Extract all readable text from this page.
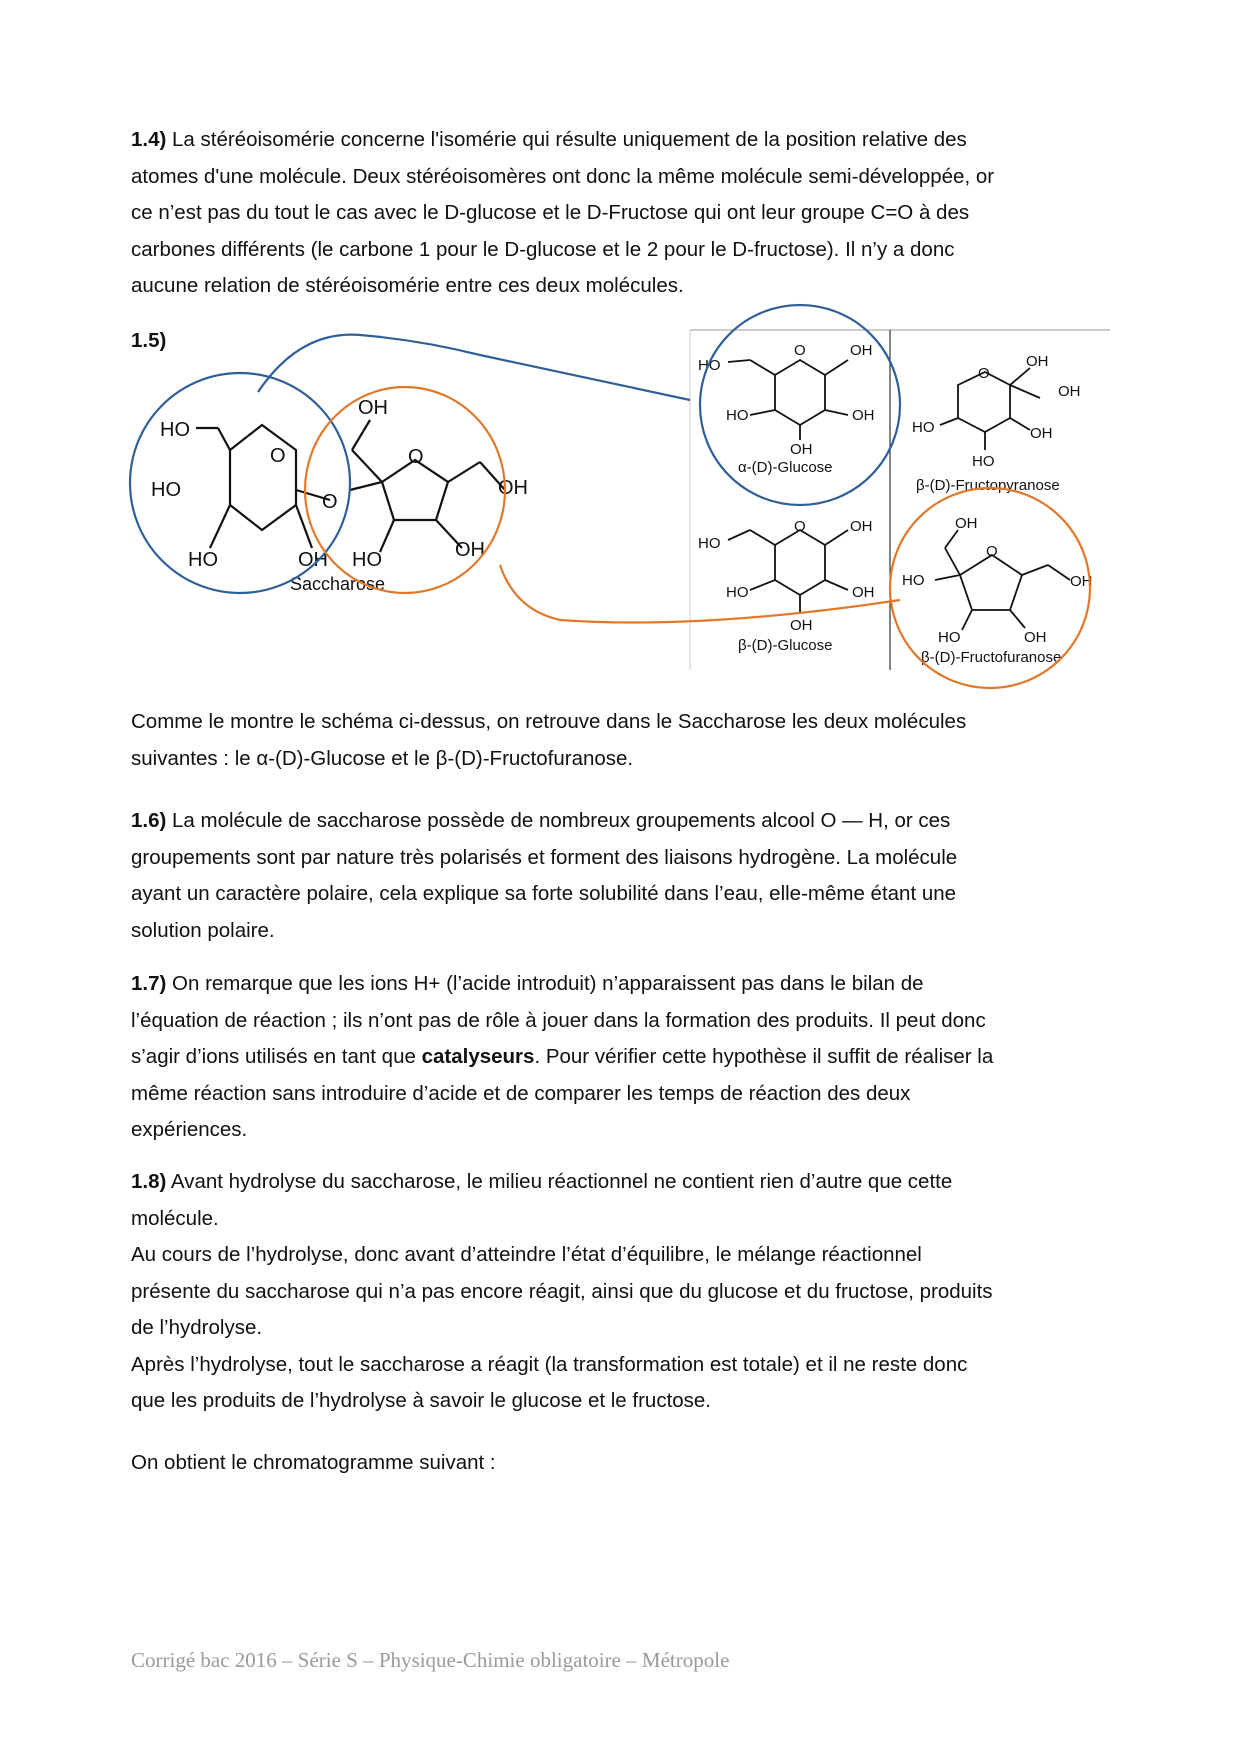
1.4) La stéréoisomérie concerne l'isomérie qui résulte uniquement de la position relative des
atomes d'une molécule. Deux stéréoisomères ont donc la même molécule semi-développée, or
ce n’est pas du tout le cas avec le D-glucose et le D-Fructose qui ont leur groupe C=O à des
carbones différents (le carbone 1 pour le D-glucose et le 2 pour le D-fructose). Il n’y a donc
aucune relation de stéréoisomérie entre ces deux molécules.
1.5)
HO
O
HO
O
HO	OH
OH
O
OH
HO	OH
Saccharose
HO
O	OH
HO	OH
OH
α-(D)-Glucose
O
OH
OH
OH
HO
HO
β-(D)-Fructopyranose
HO
O	OH
HO	OH
OH
β-(D)-Glucose
OH
O
HO	OH
HO	OH
β-(D)-Fructofuranose
Comme le montre le schéma ci-dessus, on retrouve dans le Saccharose les deux molécules
suivantes : le α-(D)-Glucose et le β-(D)-Fructofuranose.
1.6) La molécule de saccharose possède de nombreux groupements alcool O — H, or ces
groupements sont par nature très polarisés et forment des liaisons hydrogène. La molécule
ayant un caractère polaire, cela explique sa forte solubilité dans l’eau, elle-même étant une
solution polaire.
1.7) On remarque que les ions H+ (l’acide introduit) n’apparaissent pas dans le bilan de
l’équation de réaction ; ils n’ont pas de rôle à jouer dans la formation des produits. Il peut donc
s’agir d’ions utilisés en tant que catalyseurs. Pour vérifier cette hypothèse il suffit de réaliser la
même réaction sans introduire d’acide et de comparer les temps de réaction des deux
expériences.
1.8) Avant hydrolyse du saccharose, le milieu réactionnel ne contient rien d’autre que cette
molécule.
Au cours de l’hydrolyse, donc avant d’atteindre l’état d’équilibre, le mélange réactionnel
présente du saccharose qui n’a pas encore réagit, ainsi que du glucose et du fructose, produits
de l’hydrolyse.
Après l’hydrolyse, tout le saccharose a réagit (la transformation est totale) et il ne reste donc
que les produits de l’hydrolyse à savoir le glucose et le fructose.
On obtient le chromatogramme suivant :
Corrigé bac 2016 – Série S – Physique-Chimie obligatoire – Métropole
